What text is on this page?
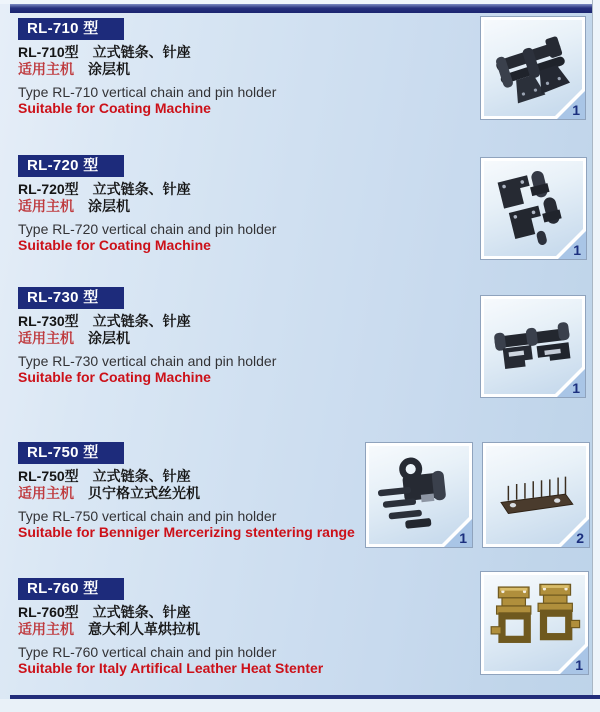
RL-710 型
RL-710型　立式链条、针座
适用主机 涂层机
Type RL-710 vertical chain and pin holder
Suitable for Coating Machine
RL-720 型
RL-720型　立式链条、针座
适用主机 涂层机
Type RL-720 vertical chain and pin holder
Suitable for Coating Machine
RL-730 型
RL-730型　立式链条、针座
适用主机 涂层机
Type RL-730 vertical chain and pin holder
Suitable for Coating Machine
RL-750 型
RL-750型　立式链条、针座
适用主机 贝宁格立式丝光机
Type RL-750 vertical chain and pin holder
Suitable for Benniger Mercerizing stentering range
RL-760 型
RL-760型　立式链条、针座
适用主机 意大利人革烘拉机
Type RL-760 vertical chain and pin holder
Suitable for Italy Artifical Leather Heat Stenter
1
1
1
1	2
1
